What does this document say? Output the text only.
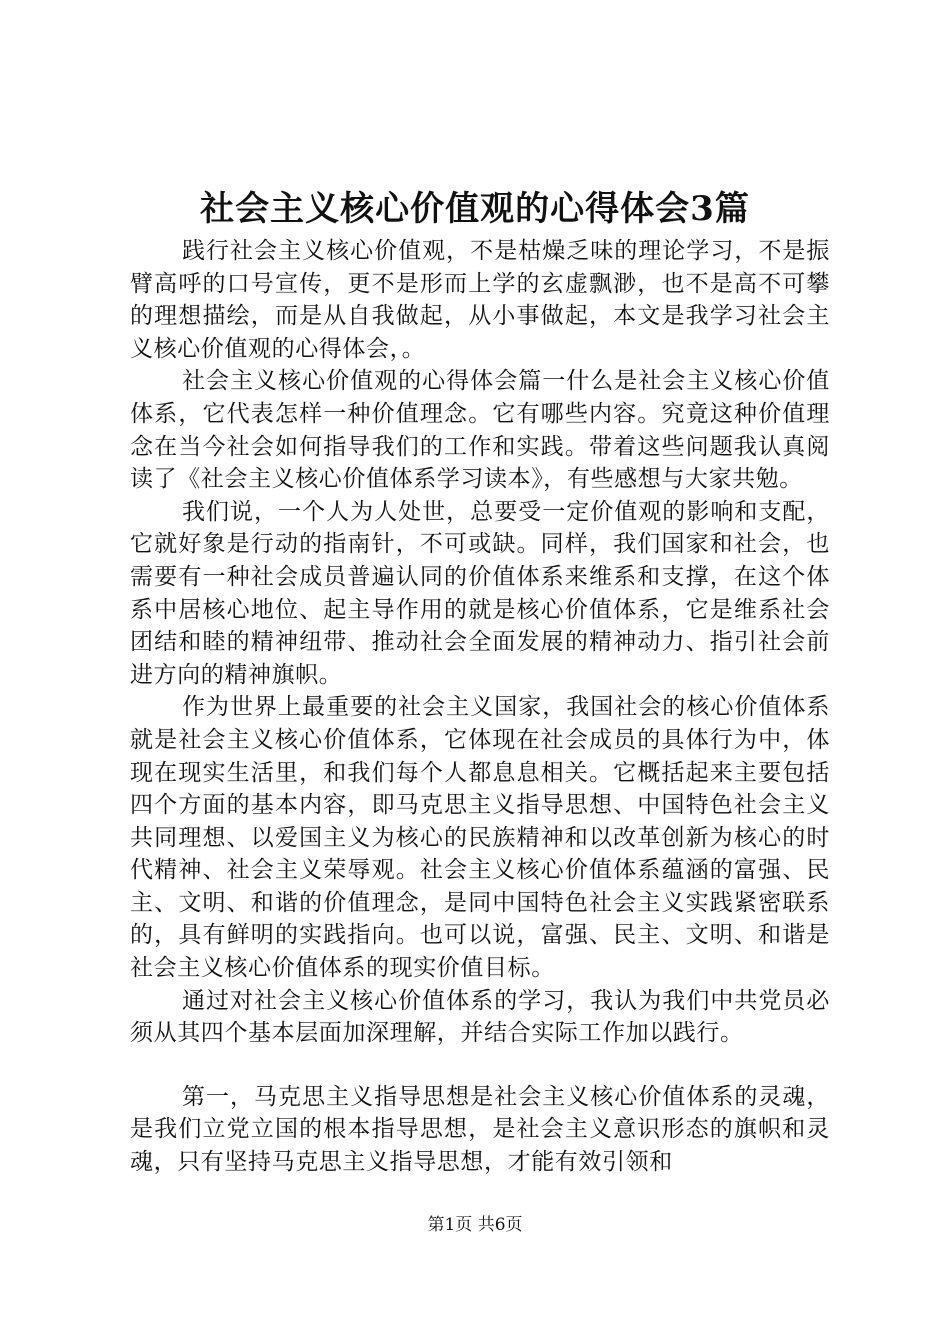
社会主义核心价值观的心得体会3篇

践行社会主义核心价值观，不是枯燥乏味的理论学习，不是振臂高呼的口号宣传，更不是形而上学的玄虚飘渺，也不是高不可攀的理想描绘，而是从自我做起，从小事做起，本文是我学习社会主义核心价值观的心得体会，。

社会主义核心价值观的心得体会篇一什么是社会主义核心价值体系，它代表怎样一种价值理念。它有哪些内容。究竟这种价值理念在当今社会如何指导我们的工作和实践。带着这些问题我认真阅读了《社会主义核心价值体系学习读本》，有些感想与大家共勉。

我们说，一个人为人处世，总要受一定价值观的影响和支配，它就好象是行动的指南针，不可或缺。同样，我们国家和社会，也需要有一种社会成员普遍认同的价值体系来维系和支撑，在这个体系中居核心地位、起主导作用的就是核心价值体系，它是维系社会团结和睦的精神纽带、推动社会全面发展的精神动力、指引社会前进方向的精神旗帜。

作为世界上最重要的社会主义国家，我国社会的核心价值体系就是社会主义核心价值体系，它体现在社会成员的具体行为中，体现在现实生活里，和我们每个人都息息相关。它概括起来主要包括四个方面的基本内容，即马克思主义指导思想、中国特色社会主义共同理想、以爱国主义为核心的民族精神和以改革创新为核心的时代精神、社会主义荣辱观。社会主义核心价值体系蕴涵的富强、民主、文明、和谐的价值理念，是同中国特色社会主义实践紧密联系的，具有鲜明的实践指向。也可以说，富强、民主、文明、和谐是社会主义核心价值体系的现实价值目标。

通过对社会主义核心价值体系的学习，我认为我们中共党员必须从其四个基本层面加深理解，并结合实际工作加以践行。

第一，马克思主义指导思想是社会主义核心价值体系的灵魂，是我们立党立国的根本指导思想，是社会主义意识形态的旗帜和灵魂，只有坚持马克思主义指导思想，才能有效引领和

第1页 共6页
